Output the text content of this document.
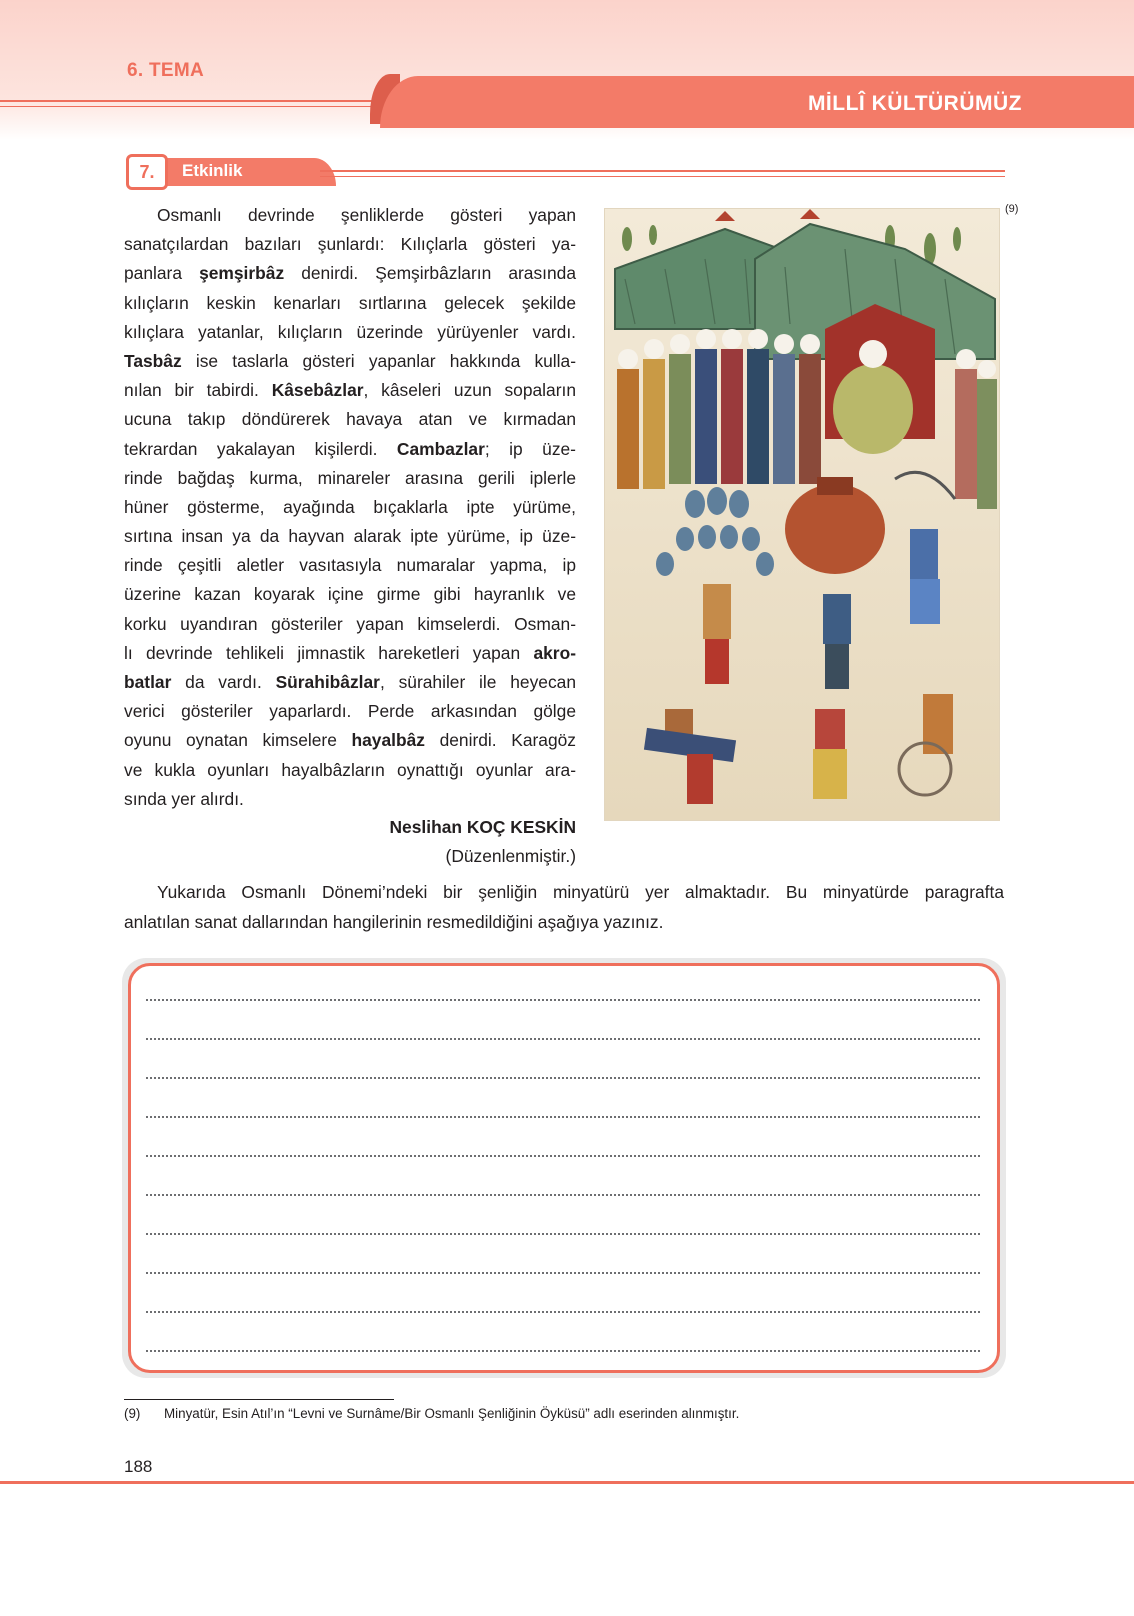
6. TEMA
MİLLÎ KÜLTÜRÜMÜZ
7.	Etkinlik
Osmanlı devrinde şenliklerde gösteri yapan
sanatçılardan bazıları şunlardı: Kılıçlarla gösteri ya-
panlara şemşirbâz denirdi. Şemşirbâzların arasında
kılıçların keskin kenarları sırtlarına gelecek şekilde
kılıçlara yatanlar, kılıçların üzerinde yürüyenler vardı.
Tasbâz ise taslarla gösteri yapanlar hakkında kulla-
nılan bir tabirdi. Kâsebâzlar, kâseleri uzun sopaların
ucuna takıp döndürerek havaya atan ve kırmadan
tekrardan yakalayan kişilerdi. Cambazlar; ip üze-
rinde bağdaş kurma, minareler arasına gerili iplerle
hüner gösterme, ayağında bıçaklarla ipte yürüme,
sırtına insan ya da hayvan alarak ipte yürüme, ip üze-
rinde çeşitli aletler vasıtasıyla numaralar yapma, ip
üzerine kazan koyarak içine girme gibi hayranlık ve
korku uyandıran gösteriler yapan kimselerdi. Osman-
lı devrinde tehlikeli jimnastik hareketleri yapan akro-
batlar da vardı. Sürahibâzlar, sürahiler ile heyecan
verici gösteriler yaparlardı. Perde arkasından gölge
oyunu oynatan kimselere hayalbâz denirdi. Karagöz
ve kukla oyunları hayalbâzların oynattığı oyunlar ara-
sında yer alırdı.
Neslihan KOÇ KESKİN
(Düzenlenmiştir.)
(9)
Yukarıda Osmanlı Dönemi’ndeki bir şenliğin minyatürü yer almaktadır. Bu minyatürde paragrafta
anlatılan sanat dallarından hangilerinin resmedildiğini aşağıya yazınız.
(9) Minyatür, Esin Atıl’ın “Levni ve Surnâme/Bir Osmanlı Şenliğinin Öyküsü” adlı eserinden alınmıştır.
188
